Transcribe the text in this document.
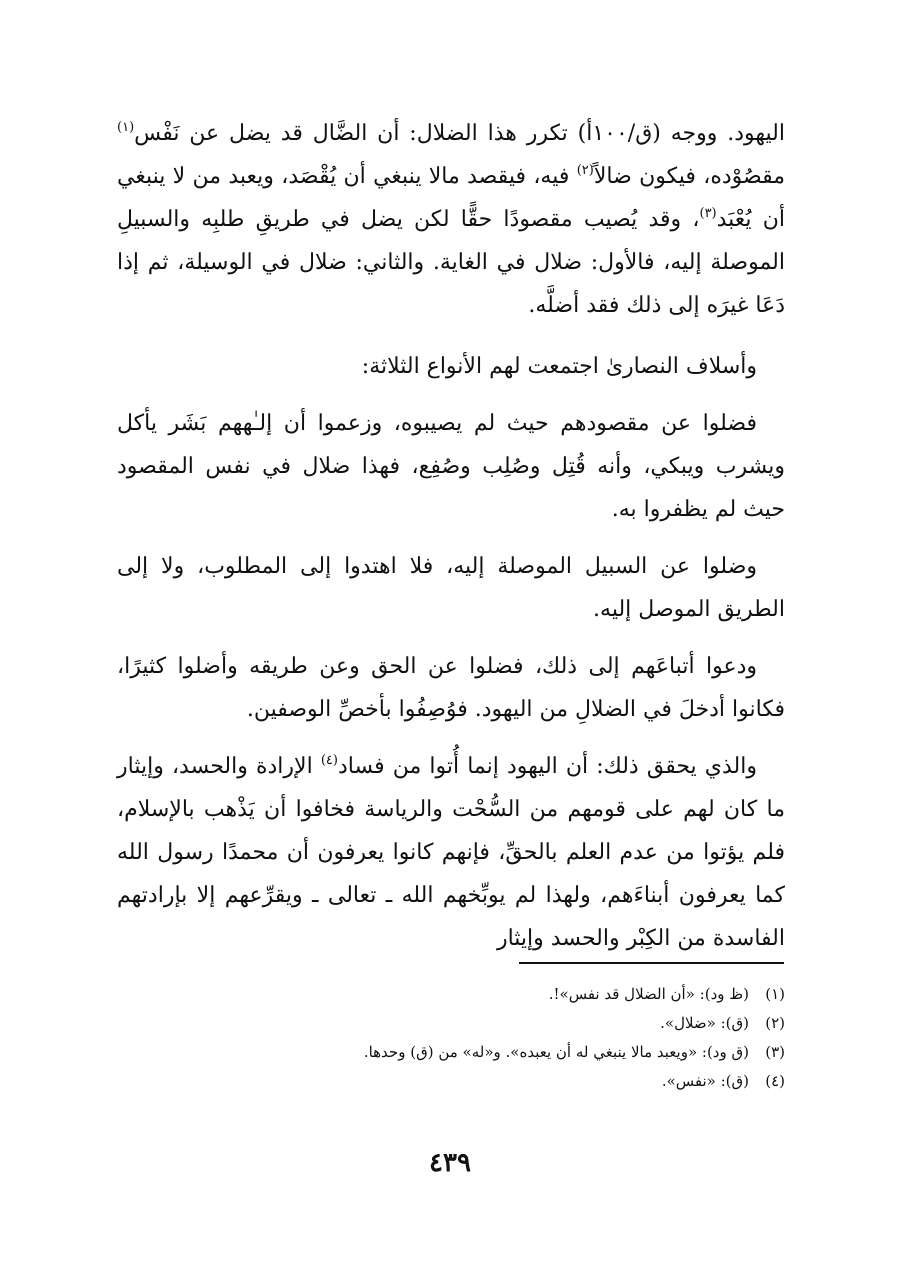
اليهود. ووجه (ق/١٠٠أ) تكرر هذا الضلال: أن الضَّال قد يضل عن نَفْس$^{(١)}$ مقصُوْده، فيكون ضالاً$^{(٢)}$ فيه، فيقصد مالا ينبغي أن يُقْصَد، ويعبد من لا ينبغي أن يُعْبَد$^{(٣)}$، وقد يُصيب مقصودًا حقًّا لكن يضل في طريقِ طلبِه والسبيلِ الموصلة إليه، فالأول: ضلال في الغاية. والثاني: ضلال في الوسيلة، ثم إذا دَعَا غيرَه إلى ذلك فقد أضلَّه.

وأسلاف النصارىٰ اجتمعت لهم الأنواع الثلاثة:

فضلوا عن مقصودهم حيث لم يصيبوه، وزعموا أن إلـٰههم بَشَر يأكل ويشرب ويبكي، وأنه قُتِل وصُلِب وصُفِع، فهذا ضلال في نفس المقصود حيث لم يظفروا به.

وضلوا عن السبيل الموصلة إليه، فلا اهتدوا إلى المطلوب، ولا إلى الطريق الموصل إليه.

ودعوا أتباعَهم إلى ذلك، فضلوا عن الحق وعن طريقه وأضلوا كثيرًا، فكانوا أدخلَ في الضلالِ من اليهود. فوُصِفُوا بأخصِّ الوصفين.

والذي يحقق ذلك: أن اليهود إنما أُتوا من فساد$^{(٤)}$ الإرادة والحسد، وإيثار ما كان لهم على قومهم من السُّحْت والرياسة فخافوا أن يَذْهب بالإسلام، فلم يؤتوا من عدم العلم بالحقِّ، فإنهم كانوا يعرفون أن محمدًا رسول الله كما يعرفون أبناءَهم، ولهذا لم يوبِّخهم الله ـ تعالى ـ ويقرِّعهم إلا بإرادتهم الفاسدة من الكِبْر والحسد وإيثار

(١)(ظ ود): «أن الضلال قد نفس»!.

(٢)(ق): «ضلال».

(٣)(ق ود): «ويعبد مالا ينبغي له أن يعبده». و«له» من (ق) وحدها.

(٤)(ق): «نفس».

٤٣٩
